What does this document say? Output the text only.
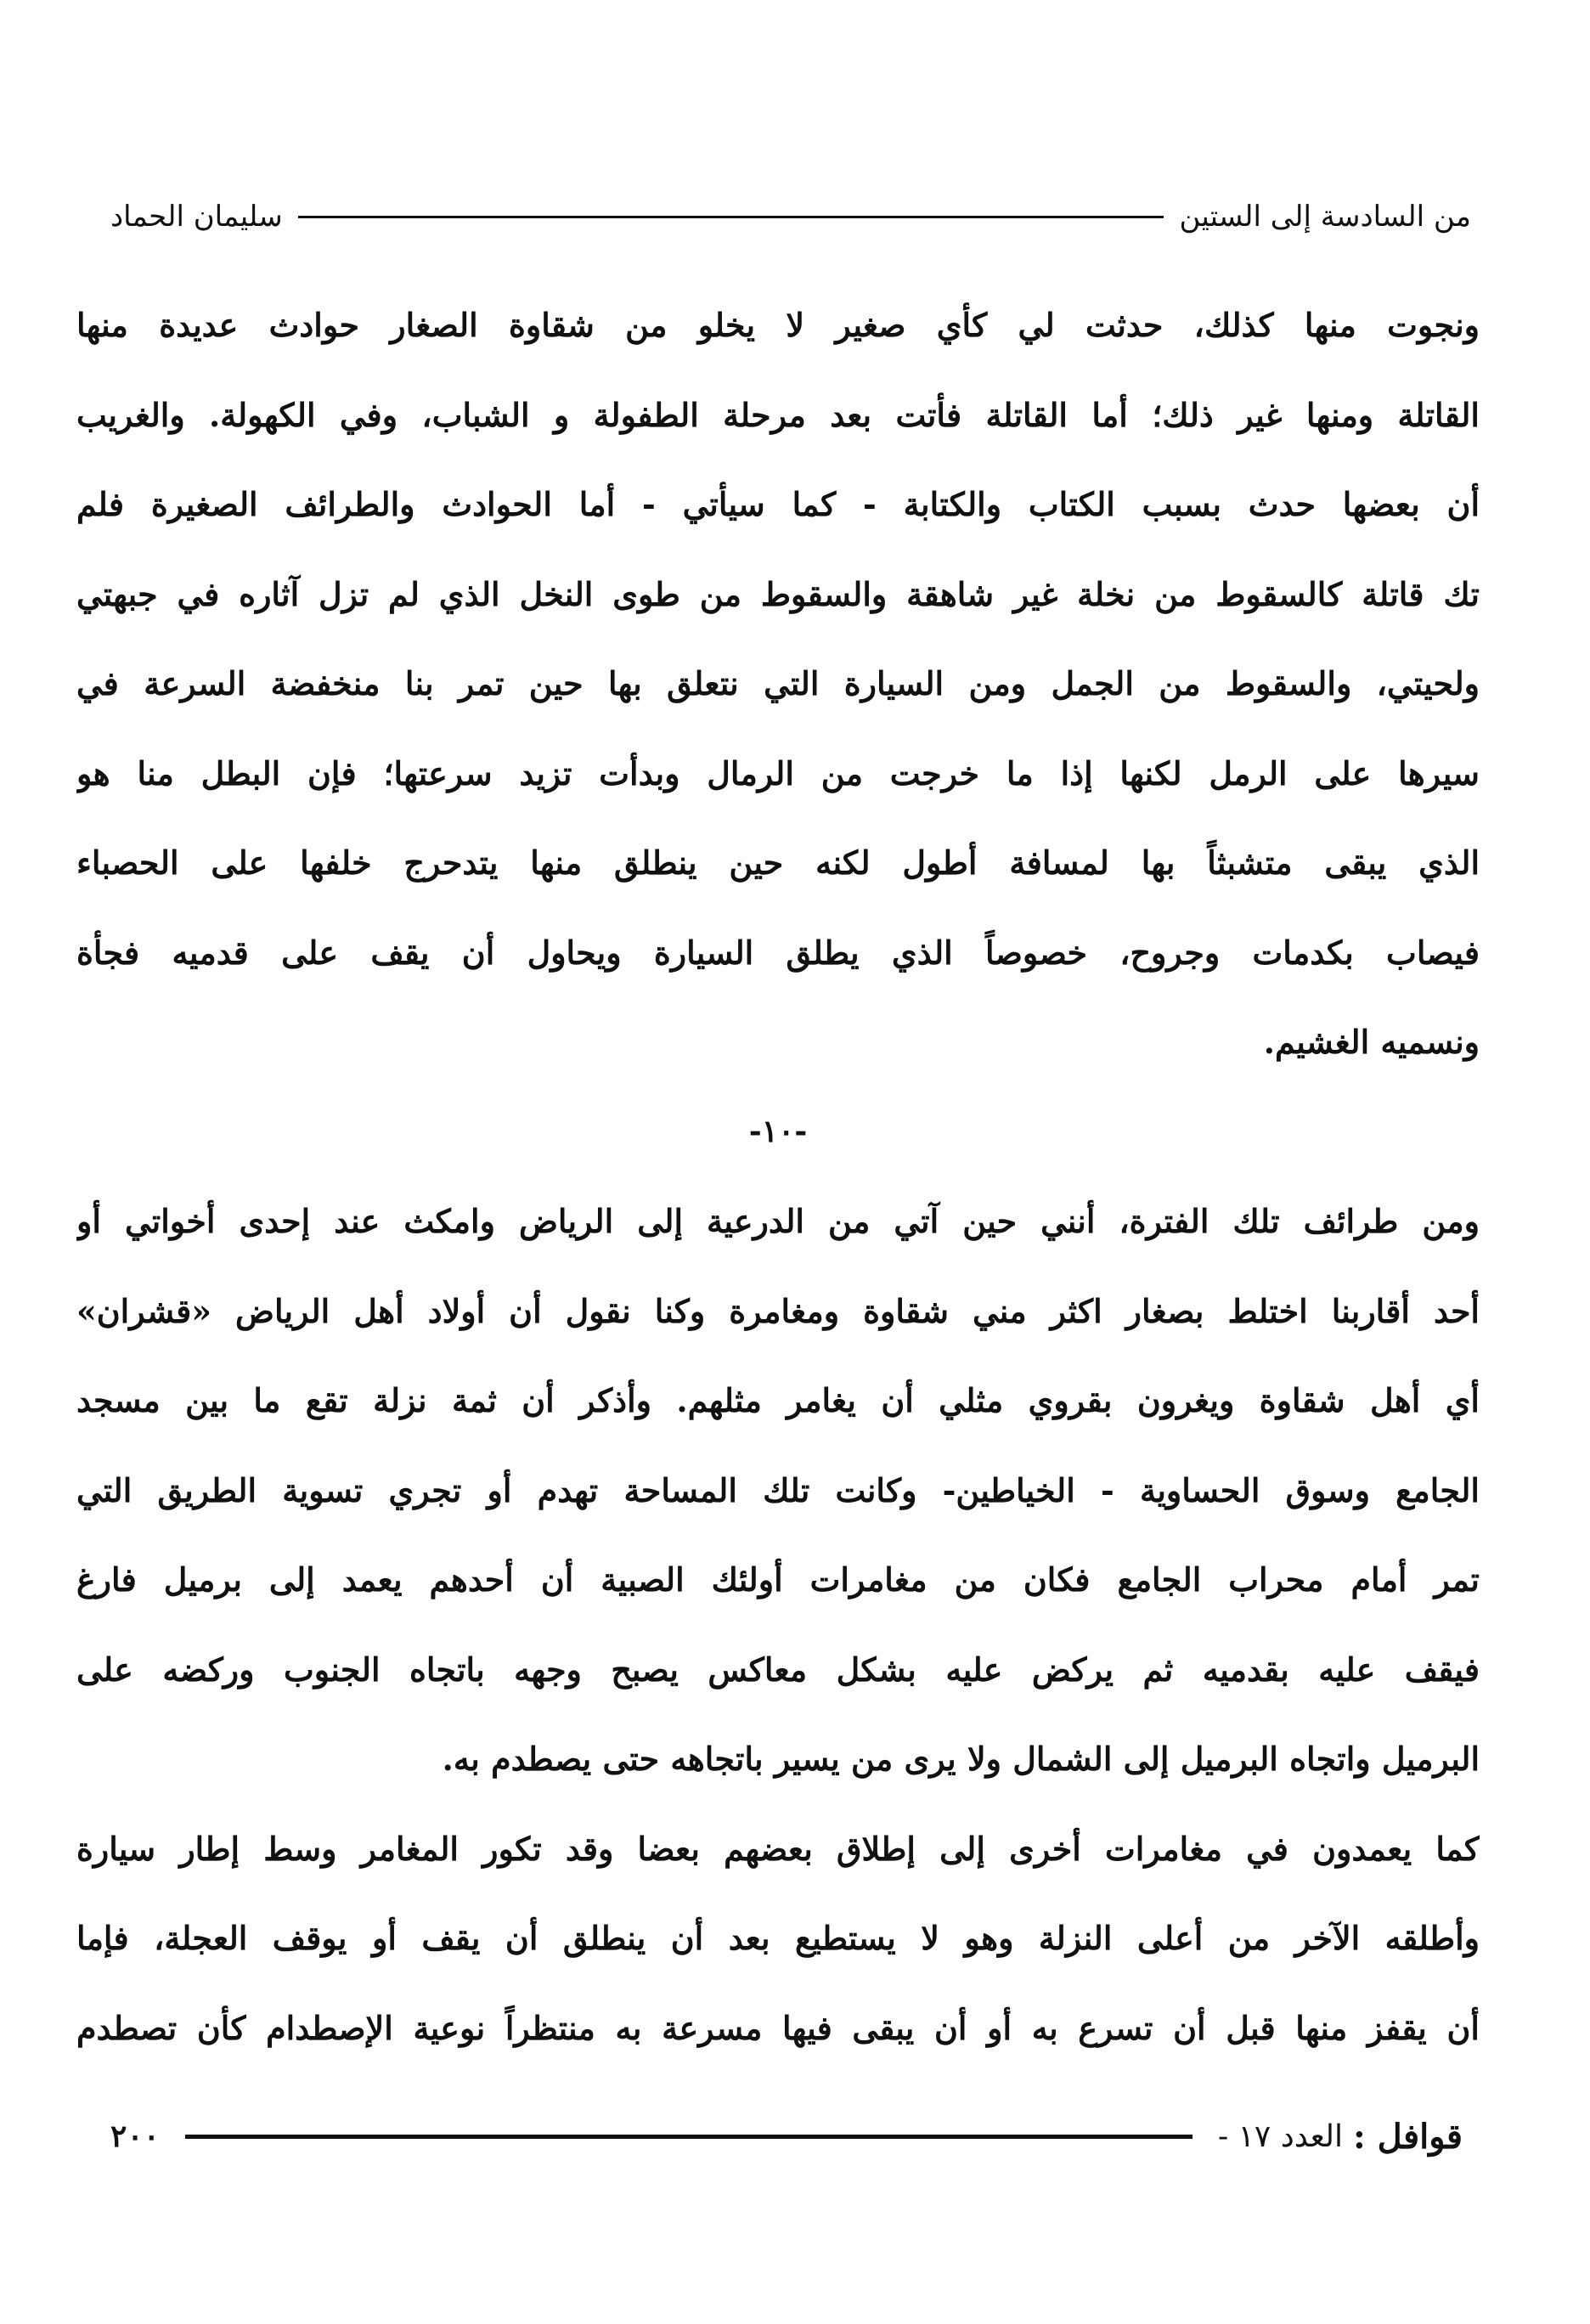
من السادسة إلى الستين
سليمان الحماد
ونجوت منها كذلك، حدثت لي كأي صغير لا يخلو من شقاوة الصغار حوادث عديدة منها
القاتلة ومنها غير ذلك؛ أما القاتلة فأتت بعد مرحلة الطفولة و الشباب، وفي الكهولة. والغريب
أن بعضها حدث بسبب الكتاب والكتابة - كما سيأتي - أما الحوادث والطرائف الصغيرة فلم
تك قاتلة كالسقوط من نخلة غير شاهقة والسقوط من طوى النخل الذي لم تزل آثاره في جبهتي
ولحيتي، والسقوط من الجمل ومن السيارة التي نتعلق بها حين تمر بنا منخفضة السرعة في
سيرها على الرمل لكنها إذا ما خرجت من الرمال وبدأت تزيد سرعتها؛ فإن البطل منا هو
الذي يبقى متشبثاً بها لمسافة أطول لكنه حين ينطلق منها يتدحرج خلفها على الحصباء
فيصاب بكدمات وجروح، خصوصاً الذي يطلق السيارة ويحاول أن يقف على قدميه فجأة
ونسميه الغشيم.
-١٠-
ومن طرائف تلك الفترة، أنني حين آتي من الدرعية إلى الرياض وامكث عند إحدى أخواتي أو
أحد أقاربنا اختلط بصغار اكثر مني شقاوة ومغامرة وكنا نقول أن أولاد أهل الرياض «قشران»
أي أهل شقاوة ويغرون بقروي مثلي أن يغامر مثلهم. وأذكر أن ثمة نزلة تقع ما بين مسجد
الجامع وسوق الحساوية - الخياطين- وكانت تلك المساحة تهدم أو تجري تسوية الطريق التي
تمر أمام محراب الجامع فكان من مغامرات أولئك الصبية أن أحدهم يعمد إلى برميل فارغ
فيقف عليه بقدميه ثم يركض عليه بشكل معاكس يصبح وجهه باتجاه الجنوب وركضه على
البرميل واتجاه البرميل إلى الشمال ولا يرى من يسير باتجاهه حتى يصطدم به.
كما يعمدون في مغامرات أخرى إلى إطلاق بعضهم بعضا وقد تكور المغامر وسط إطار سيارة
وأطلقه الآخر من أعلى النزلة وهو لا يستطيع بعد أن ينطلق أن يقف أو يوقف العجلة، فإما
أن يقفز منها قبل أن تسرع به أو أن يبقى فيها مسرعة به منتظراً نوعية الإصطدام كأن تصطدم
قوافل :
العدد ١٧ -
٢٠٠
